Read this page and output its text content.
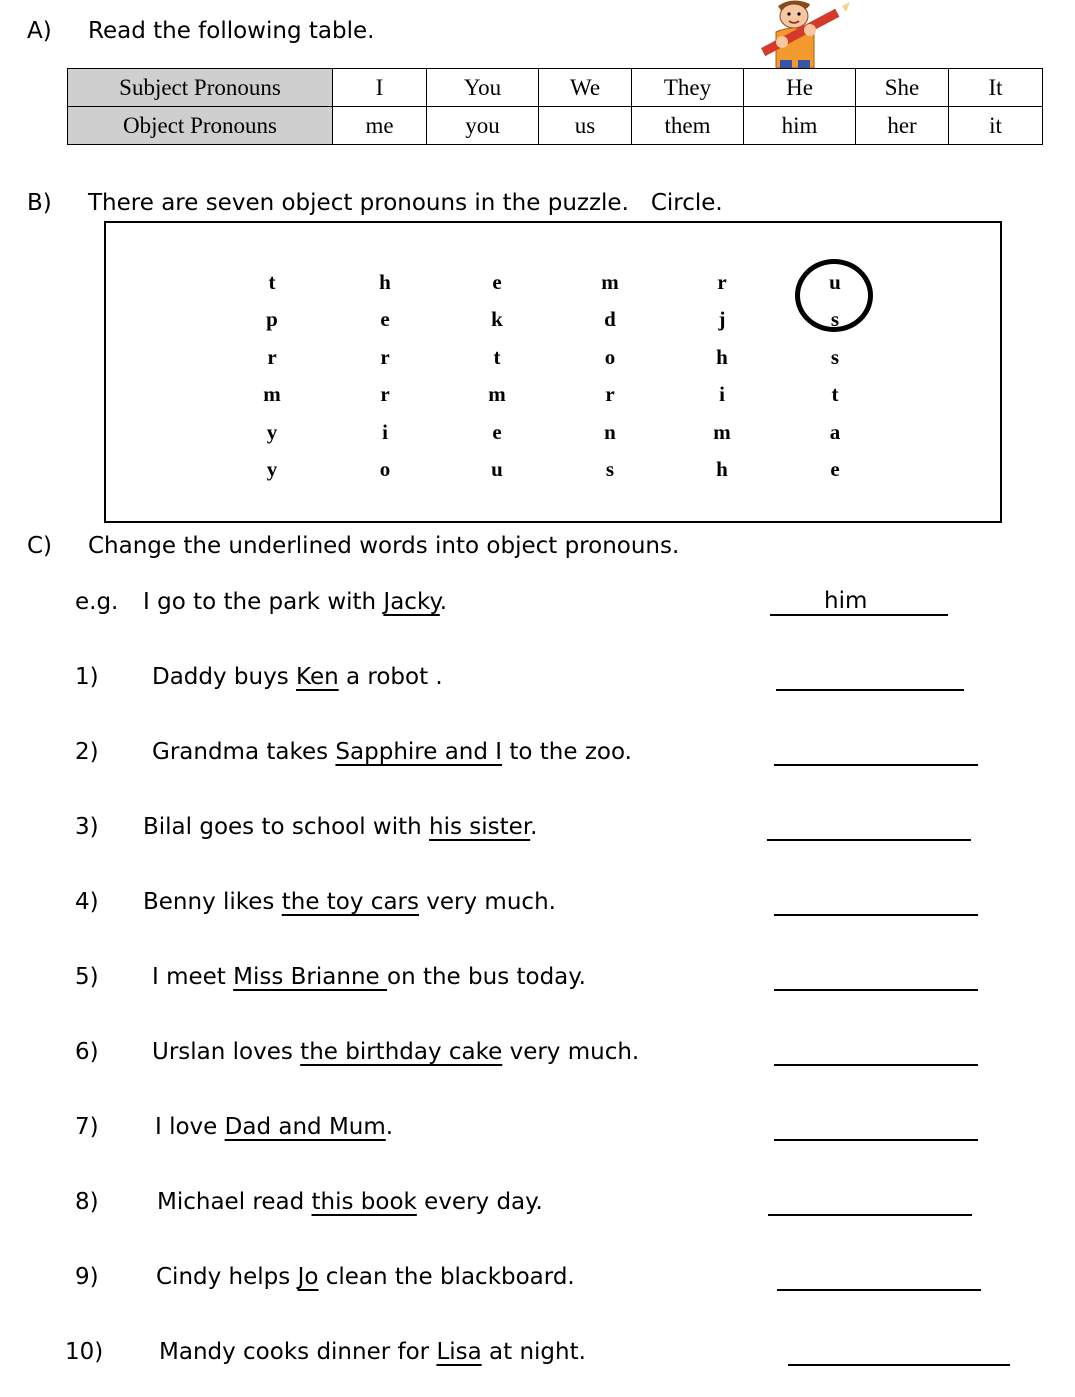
A) Read the following table.
Subject Pronouns	I	You	We	They	He	She	It
Object Pronouns	me	you	us	them	him	her	it
B) There are seven object pronouns in the puzzle.   Circle.
t	h	e	m	r	u
p	e	k	d	j	s
r	r	t	o	h	s
m	r	m	r	i	t
y	i	e	n	m	a
y	o	u	s	h	e
C) Change the underlined words into object pronouns.
e.g. I go to the park with Jacky.	him
1) Daddy buys Ken a robot .
2) Grandma takes Sapphire and I to the zoo.
3) Bilal goes to school with his sister.
4) Benny likes the toy cars very much.
5) I meet Miss Brianne on the bus today.
6) Urslan loves the birthday cake very much.
7) I love Dad and Mum.
8)	Michael read this book every day.
9) Cindy helps Jo clean the blackboard.
10) Mandy cooks dinner for Lisa at night.
